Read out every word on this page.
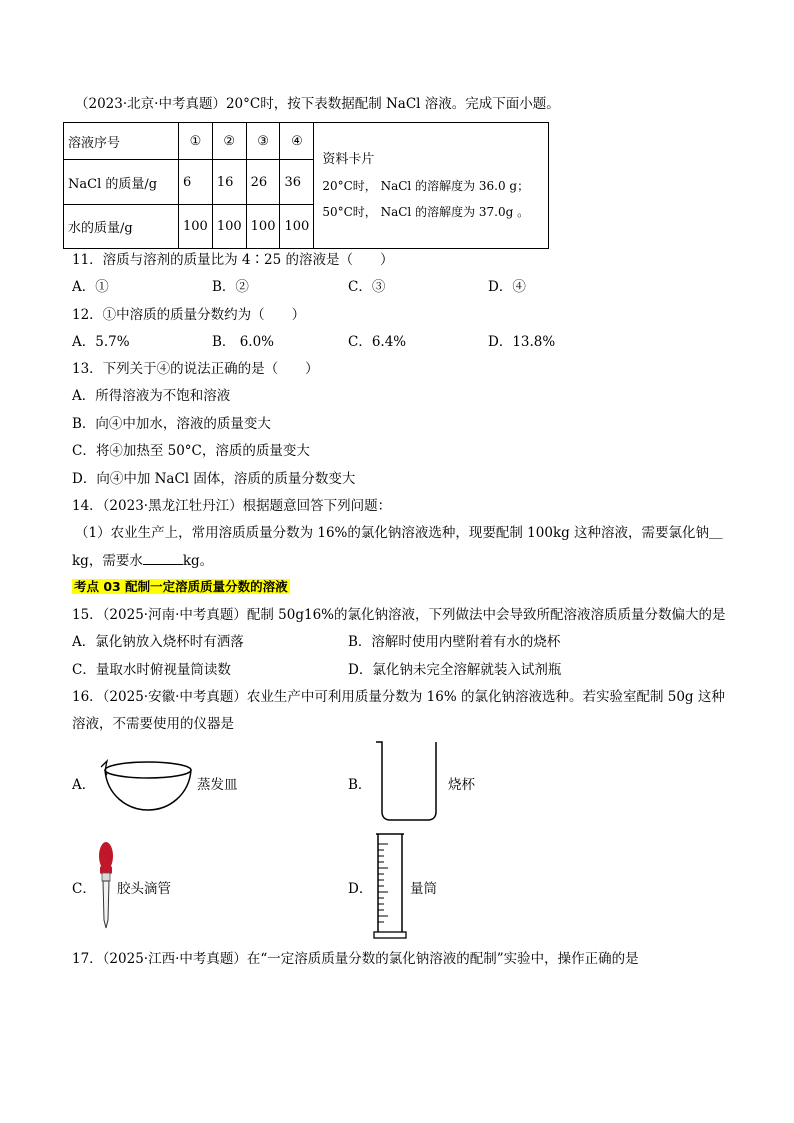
（2023·北京·中考真题）20°C时，按下表数据配制 NaCl 溶液。完成下面小题。
溶液序号	①	②	③	④	资料卡片
20°C时， NaCl 的溶解度为 36.0 g；
50°C时， NaCl 的溶解度为 37.0g 。

NaCl 的质量/g	6	16	26	36	
水的质量/g	100	100	100	100	
11．溶质与溶剂的质量比为 4∶25 的溶液是（　　）
A．①	B．②	C．③	D．④
12．①中溶质的质量分数约为（　　）
A．5.7%	B． 6.0%	C．6.4%	D．13.8%
13．下列关于④的说法正确的是（　　）
A．所得溶液为不饱和溶液
B．向④中加水，溶液的质量变大
C．将④加热至 50°C，溶质的质量变大
D．向④中加 NaCl 固体，溶质的质量分数变大
14．（2023·黑龙江牡丹江）根据题意回答下列问题：
（1）农业生产上，常用溶质质量分数为 16%的氯化钠溶液选种，现要配制 100kg 这种溶液，需要氯化钠＿
kg，需要水	kg。
考点 03 配制一定溶质质量分数的溶液
15．（2025·河南·中考真题）配制 50g16%的氯化钠溶液，下列做法中会导致所配溶液溶质质量分数偏大的是
A．氯化钠放入烧杯时有洒落	B．溶解时使用内壁附着有水的烧杯
C．量取水时俯视量筒读数	D．氯化钠未完全溶解就装入试剂瓶
16．（2025·安徽·中考真题）农业生产中可利用质量分数为 16% 的氯化钠溶液选种。若实验室配制 50g 这种
溶液，不需要使用的仪器是
A．	蒸发皿	B．	烧杯
C． 胶头滴管	D．	量筒
17．（2025·江西·中考真题）在“一定溶质质量分数的氯化钠溶液的配制”实验中，操作正确的是
